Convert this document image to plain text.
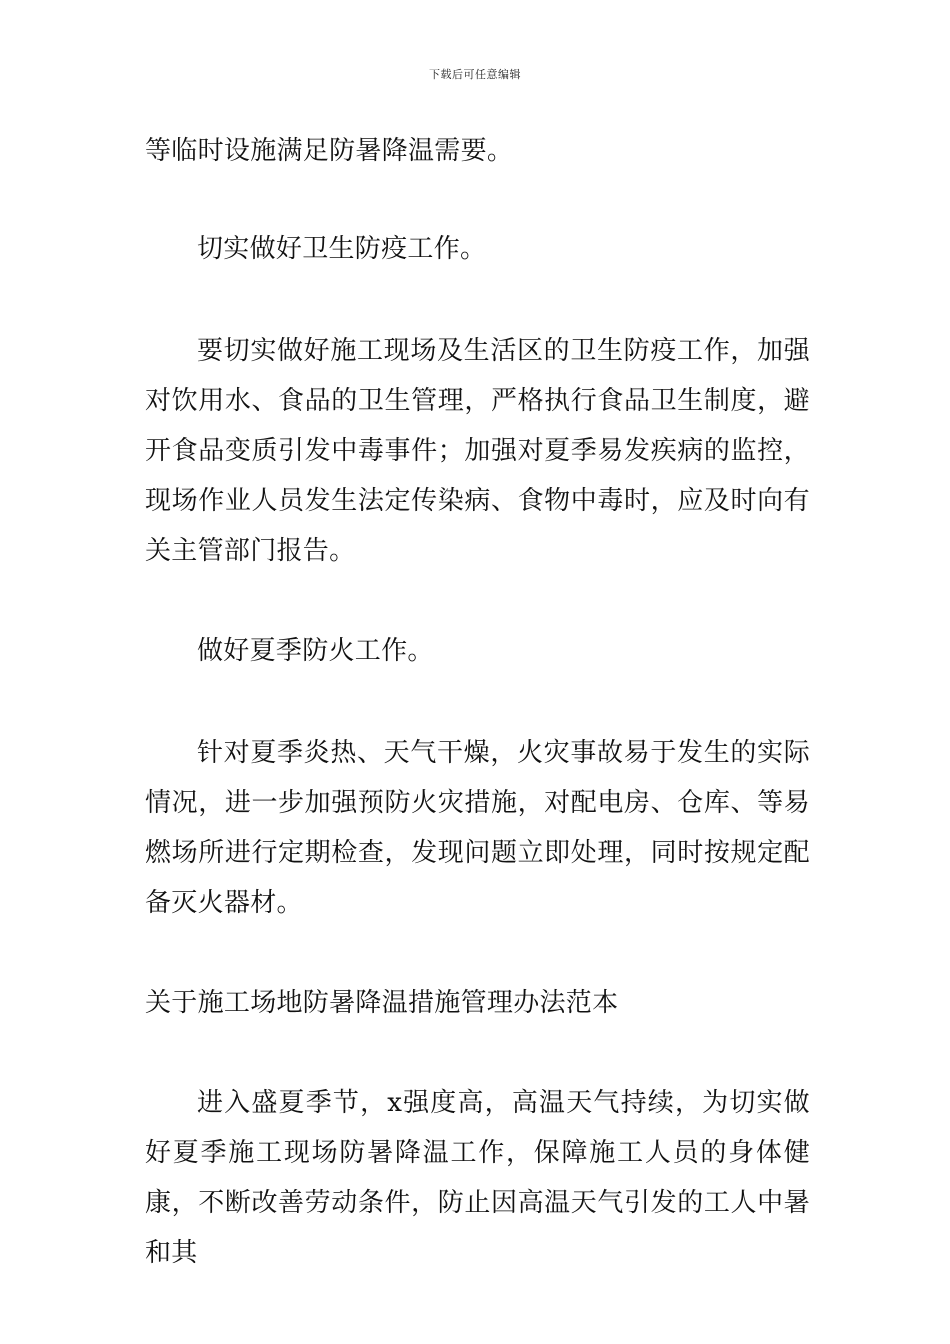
下载后可任意编辑

等临时设施满足防暑降温需要。

切实做好卫生防疫工作。

要切实做好施工现场及生活区的卫生防疫工作，加强对饮用水、食品的卫生管理，严格执行食品卫生制度，避开食品变质引发中毒事件；加强对夏季易发疾病的监控，现场作业人员发生法定传染病、食物中毒时，应及时向有关主管部门报告。

做好夏季防火工作。

针对夏季炎热、天气干燥，火灾事故易于发生的实际情况，进一步加强预防火灾措施，对配电房、仓库、等易燃场所进行定期检查，发现问题立即处理，同时按规定配备灭火器材。

关于施工场地防暑降温措施管理办法范本

进入盛夏季节，x强度高，高温天气持续，为切实做好夏季施工现场防暑降温工作，保障施工人员的身体健康，不断改善劳动条件，防止因高温天气引发的工人中暑和其
